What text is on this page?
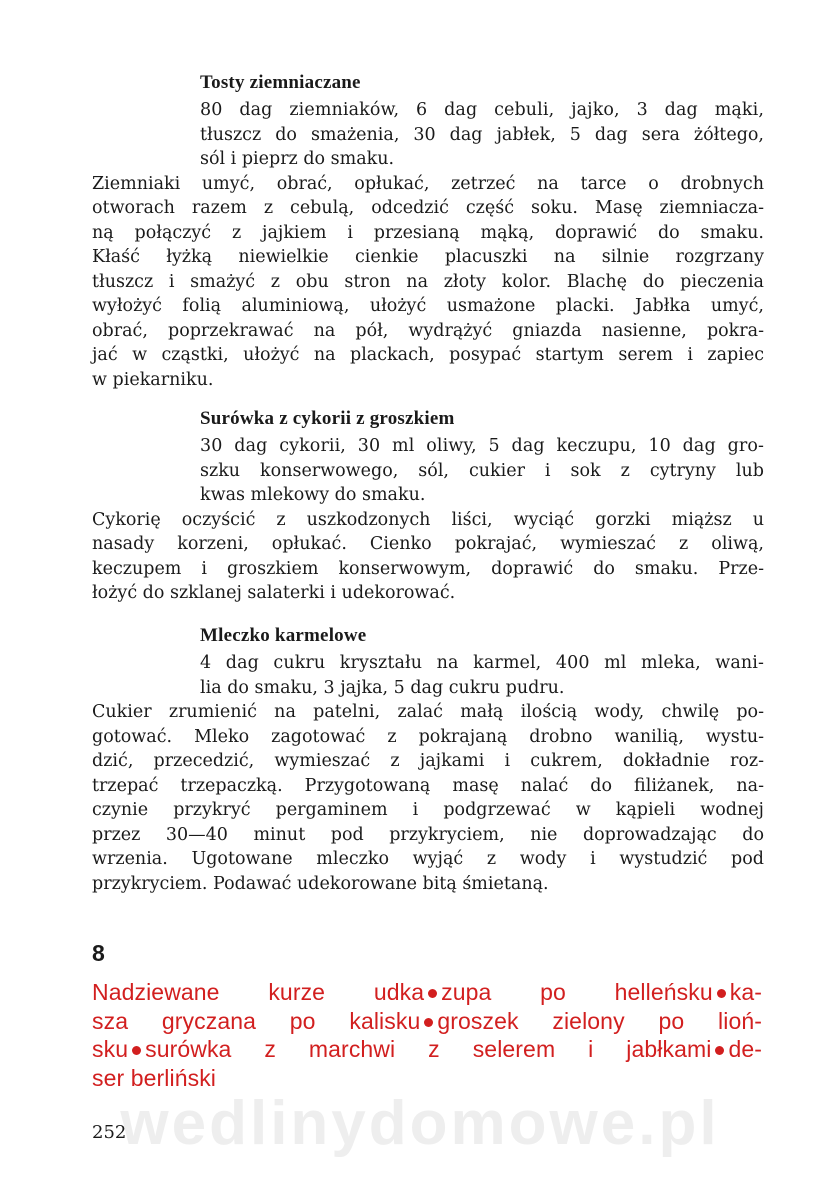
Tosty ziemniaczane
80 dag ziemniaków, 6 dag cebuli, jajko, 3 dag mąki,
tłuszcz do smażenia, 30 dag jabłek, 5 dag sera żółtego,
sól i pieprz do smaku.
Ziemniaki umyć, obrać, opłukać, zetrzeć na tarce o drobnych
otworach razem z cebulą, odcedzić część soku. Masę ziemniacza-
ną połączyć z jajkiem i przesianą mąką, doprawić do smaku.
Kłaść łyżką niewielkie cienkie placuszki na silnie rozgrzany
tłuszcz i smażyć z obu stron na złoty kolor. Blachę do pieczenia
wyłożyć folią aluminiową, ułożyć usmażone placki. Jabłka umyć,
obrać, poprzekrawać na pół, wydrążyć gniazda nasienne, pokra-
jać w cząstki, ułożyć na plackach, posypać startym serem i zapiec
w piekarniku.
Surówka z cykorii z groszkiem
30 dag cykorii, 30 ml oliwy, 5 dag keczupu, 10 dag gro-
szku konserwowego, sól, cukier i sok z cytryny lub
kwas mlekowy do smaku.
Cykorię oczyścić z uszkodzonych liści, wyciąć gorzki miąższ u
nasady korzeni, opłukać. Cienko pokrajać, wymieszać z oliwą,
keczupem i groszkiem konserwowym, doprawić do smaku. Prze-
łożyć do szklanej salaterki i udekorować.
Mleczko karmelowe
4 dag cukru kryształu na karmel, 400 ml mleka, wani-
lia do smaku, 3 jajka, 5 dag cukru pudru.
Cukier zrumienić na patelni, zalać małą ilością wody, chwilę po-
gotować. Mleko zagotować z pokrajaną drobno wanilią, wystu-
dzić, przecedzić, wymieszać z jajkami i cukrem, dokładnie roz-
trzepać trzepaczką. Przygotowaną masę nalać do filiżanek, na-
czynie przykryć pergaminem i podgrzewać w kąpieli wodnej
przez 30—40 minut pod przykryciem, nie doprowadzając do
wrzenia. Ugotowane mleczko wyjąć z wody i wystudzić pod
przykryciem. Podawać udekorowane bitą śmietaną.
8
Nadziewane kurze udka zupa po helleńsku ka-
sza gryczana po kalisku groszek zielony po lioń-
sku surówka z marchwi z selerem i jabłkami de-
ser berliński
wedlinydomowe.pl
252
